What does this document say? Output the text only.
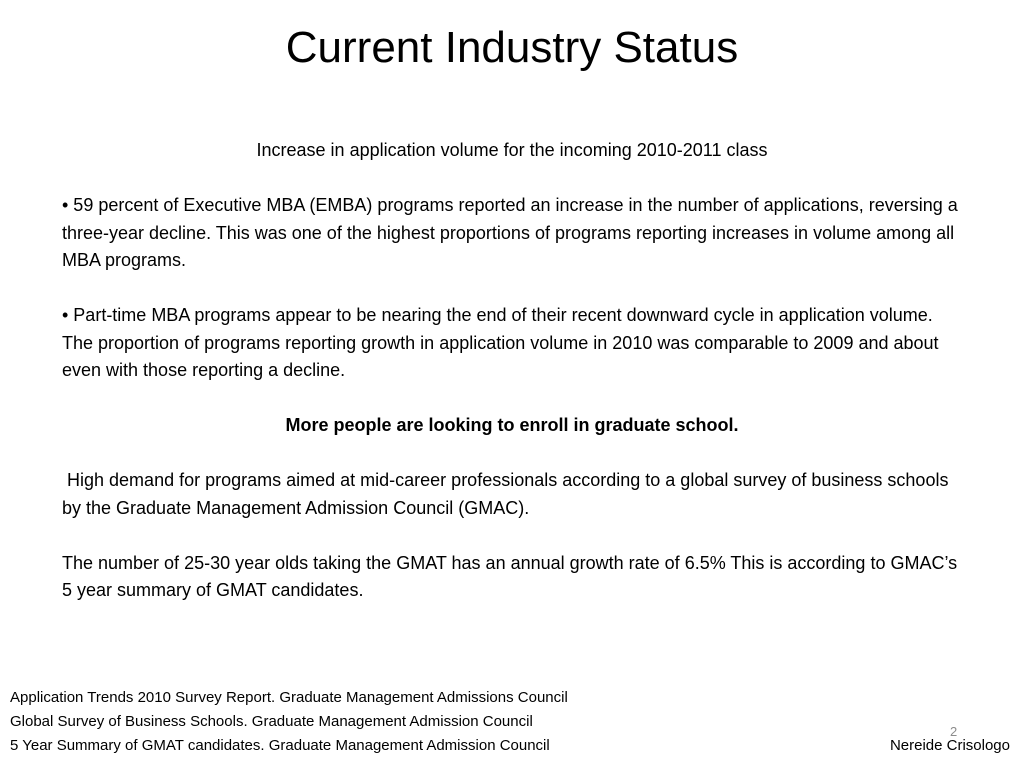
Current Industry Status

Increase in application volume for the incoming 2010-2011 class

• 59 percent of Executive MBA (EMBA) programs reported an increase in the number of applications, reversing a three-year decline. This was one of the highest proportions of programs reporting increases in volume among all MBA programs.

• Part-time MBA programs appear to be nearing the end of their recent downward cycle in application volume. The proportion of programs reporting growth in application volume in 2010 was comparable to 2009 and about even with those reporting a decline.

More people are looking to enroll in graduate school.

High demand for programs aimed at mid-career professionals according to a global survey of business schools by the Graduate Management Admission Council (GMAC).

The number of 25-30 year olds taking the GMAT has an annual growth rate of 6.5% This is according to GMAC’s 5 year summary of GMAT candidates.

Application Trends 2010 Survey Report. Graduate Management Admissions Council
Global Survey of Business Schools. Graduate Management Admission Council
5 Year Summary of GMAT candidates. Graduate Management Admission Council
2
Nereide Crisologo
